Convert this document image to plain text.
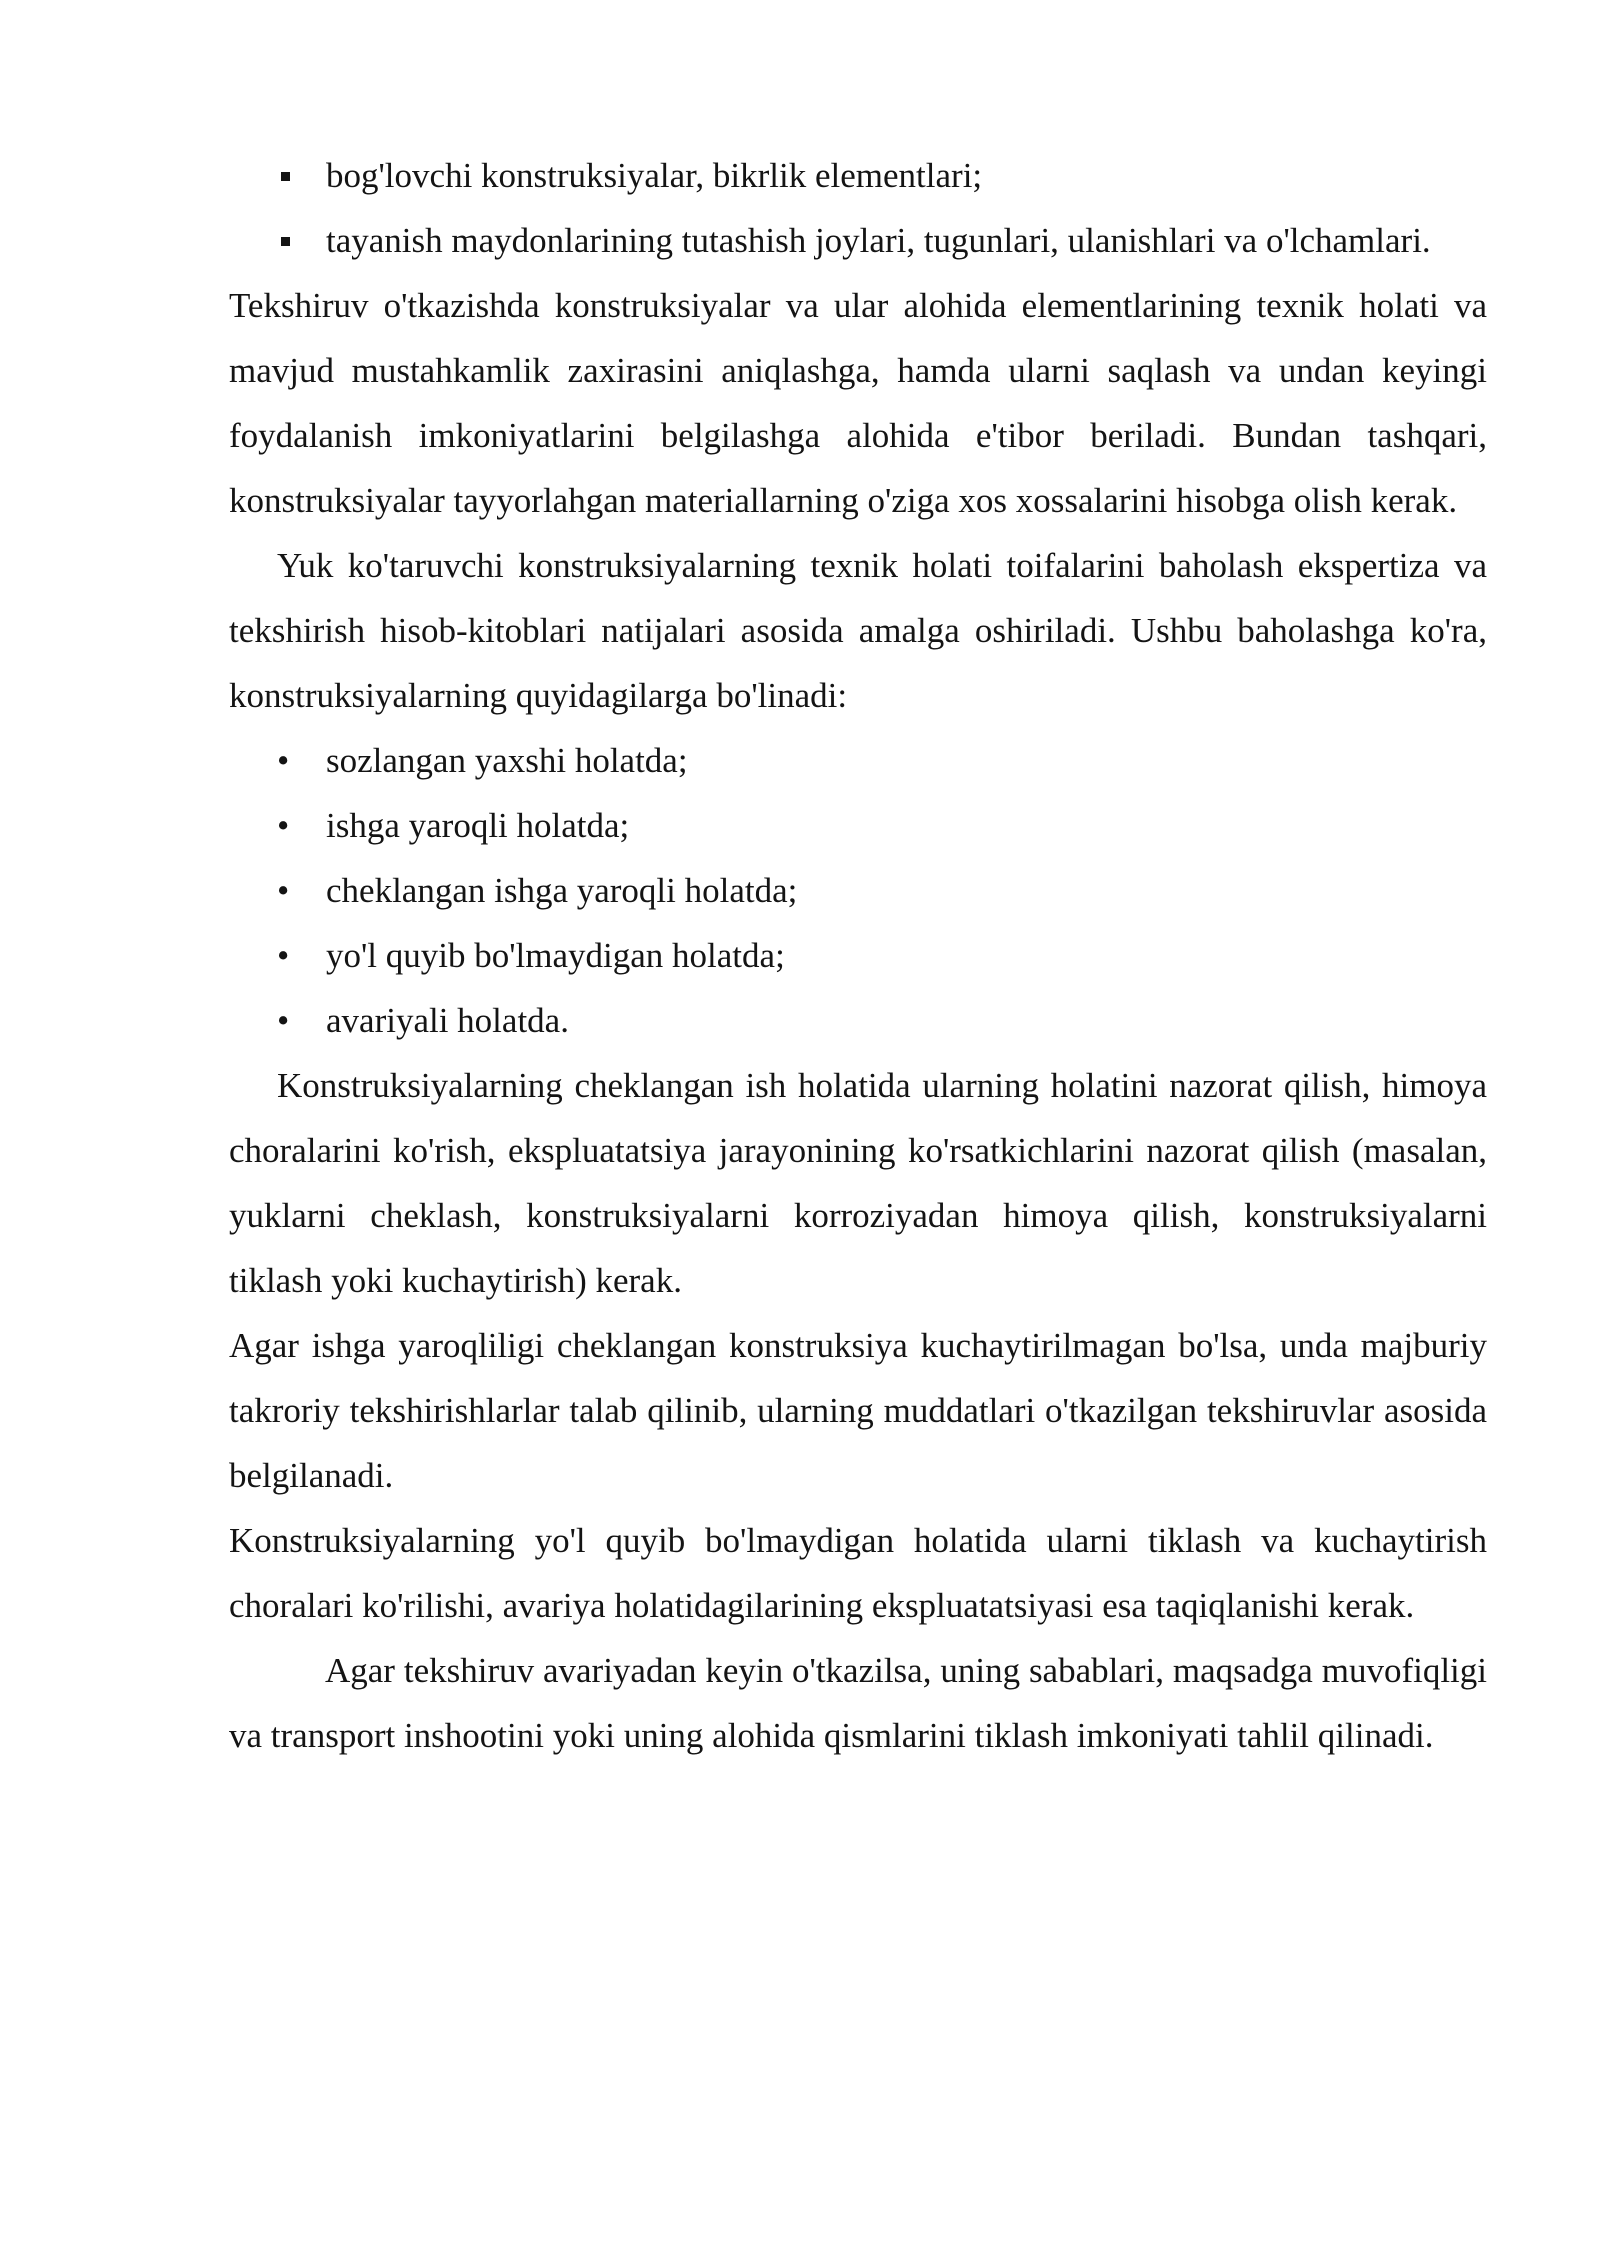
bog'lovchi konstruksiyalar, bikrlik elementlari;
tayanish maydonlarining tutashish joylari, tugunlari, ulanishlari va o'lchamlari.

Tekshiruv o'tkazishda konstruksiyalar va ular alohida elementlarining texnik holati va mavjud mustahkamlik zaxirasini aniqlashga, hamda ularni saqlash va undan keyingi foydalanish imkoniyatlarini belgilashga alohida e'tibor beriladi. Bundan tashqari, konstruksiyalar tayyorlahgan materiallarning o'ziga xos xossalarini hisobga olish kerak.

Yuk ko'taruvchi konstruksiyalarning texnik holati toifalarini baholash ekspertiza va tekshirish hisob-kitoblari natijalari asosida amalga oshiriladi. Ushbu baholashga ko'ra, konstruksiyalarning quyidagilarga bo'linadi:

•	sozlangan yaxshi holatda;
•	ishga yaroqli holatda;
•	cheklangan ishga yaroqli holatda;
•	yo'l quyib bo'lmaydigan holatda;
•	avariyali holatda.

Konstruksiyalarning cheklangan ish holatida ularning holatini nazorat qilish, himoya choralarini ko'rish, ekspluatatsiya jarayonining ko'rsatkichlarini nazorat qilish (masalan, yuklarni cheklash, konstruksiyalarni korroziyadan himoya qilish, konstruksiyalarni tiklash yoki kuchaytirish) kerak.

Agar ishga yaroqliligi cheklangan konstruksiya kuchaytirilmagan bo'lsa, unda majburiy takroriy tekshirishlarlar talab qilinib, ularning muddatlari o'tkazilgan tekshiruvlar asosida belgilanadi.

Konstruksiyalarning yo'l quyib bo'lmaydigan holatida ularni tiklash va kuchaytirish choralari ko'rilishi, avariya holatidagilarining ekspluatatsiyasi esa taqiqlanishi kerak.

Agar tekshiruv avariyadan keyin o'tkazilsa, uning sabablari, maqsadga muvofiqligi va transport inshootini yoki uning alohida qismlarini tiklash imkoniyati tahlil qilinadi.
